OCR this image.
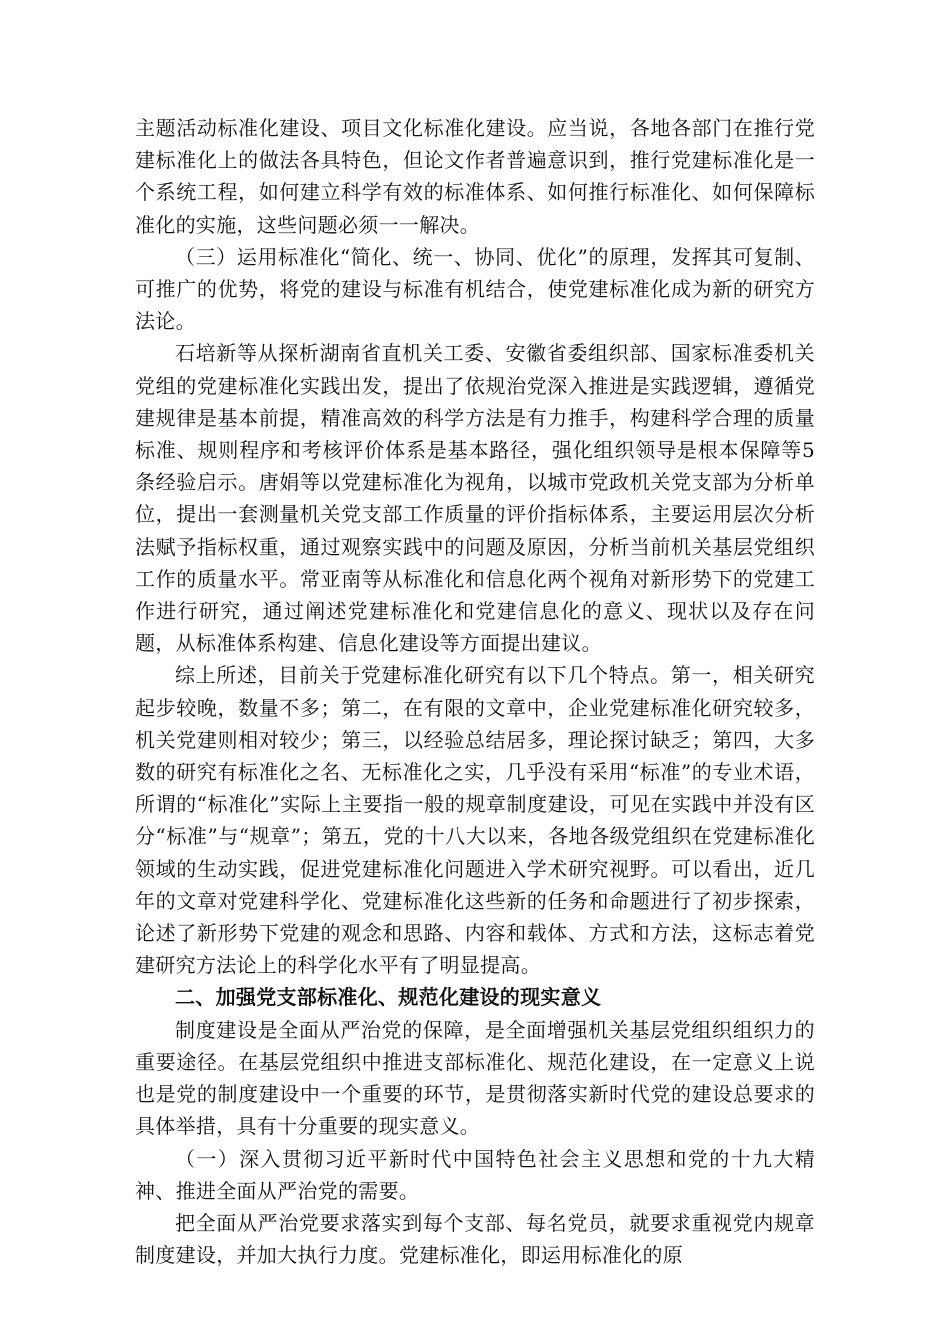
主题活动标准化建设、项目文化标准化建设。应当说，各地各部门在推行党建标准化上的做法各具特色，但论文作者普遍意识到，推行党建标准化是一个系统工程，如何建立科学有效的标准体系、如何推行标准化、如何保障标准化的实施，这些问题必须一一解决。

（三）运用标准化“简化、统一、协同、优化”的原理，发挥其可复制、可推广的优势，将党的建设与标准有机结合，使党建标准化成为新的研究方法论。

石培新等从探析湖南省直机关工委、安徽省委组织部、国家标准委机关党组的党建标准化实践出发，提出了依规治党深入推进是实践逻辑，遵循党建规律是基本前提，精准高效的科学方法是有力推手，构建科学合理的质量标准、规则程序和考核评价体系是基本路径，强化组织领导是根本保障等5条经验启示。唐娟等以党建标准化为视角，以城市党政机关党支部为分析单位，提出一套测量机关党支部工作质量的评价指标体系，主要运用层次分析法赋予指标权重，通过观察实践中的问题及原因，分析当前机关基层党组织工作的质量水平。常亚南等从标准化和信息化两个视角对新形势下的党建工作进行研究，通过阐述党建标准化和党建信息化的意义、现状以及存在问题，从标准体系构建、信息化建设等方面提出建议。

综上所述，目前关于党建标准化研究有以下几个特点。第一，相关研究起步较晚，数量不多；第二，在有限的文章中，企业党建标准化研究较多，机关党建则相对较少；第三，以经验总结居多，理论探讨缺乏；第四，大多数的研究有标准化之名、无标准化之实，几乎没有采用“标准”的专业术语，所谓的“标准化”实际上主要指一般的规章制度建设，可见在实践中并没有区分“标准”与“规章”；第五，党的十八大以来，各地各级党组织在党建标准化领域的生动实践，促进党建标准化问题进入学术研究视野。可以看出，近几年的文章对党建科学化、党建标准化这些新的任务和命题进行了初步探索，论述了新形势下党建的观念和思路、内容和载体、方式和方法，这标志着党建研究方法论上的科学化水平有了明显提高。

二、加强党支部标准化、规范化建设的现实意义

制度建设是全面从严治党的保障，是全面增强机关基层党组织组织力的重要途径。在基层党组织中推进支部标准化、规范化建设，在一定意义上说也是党的制度建设中一个重要的环节，是贯彻落实新时代党的建设总要求的具体举措，具有十分重要的现实意义。

（一）深入贯彻习近平新时代中国特色社会主义思想和党的十九大精神、推进全面从严治党的需要。

把全面从严治党要求落实到每个支部、每名党员，就要求重视党内规章制度建设，并加大执行力度。党建标准化，即运用标准化的原
